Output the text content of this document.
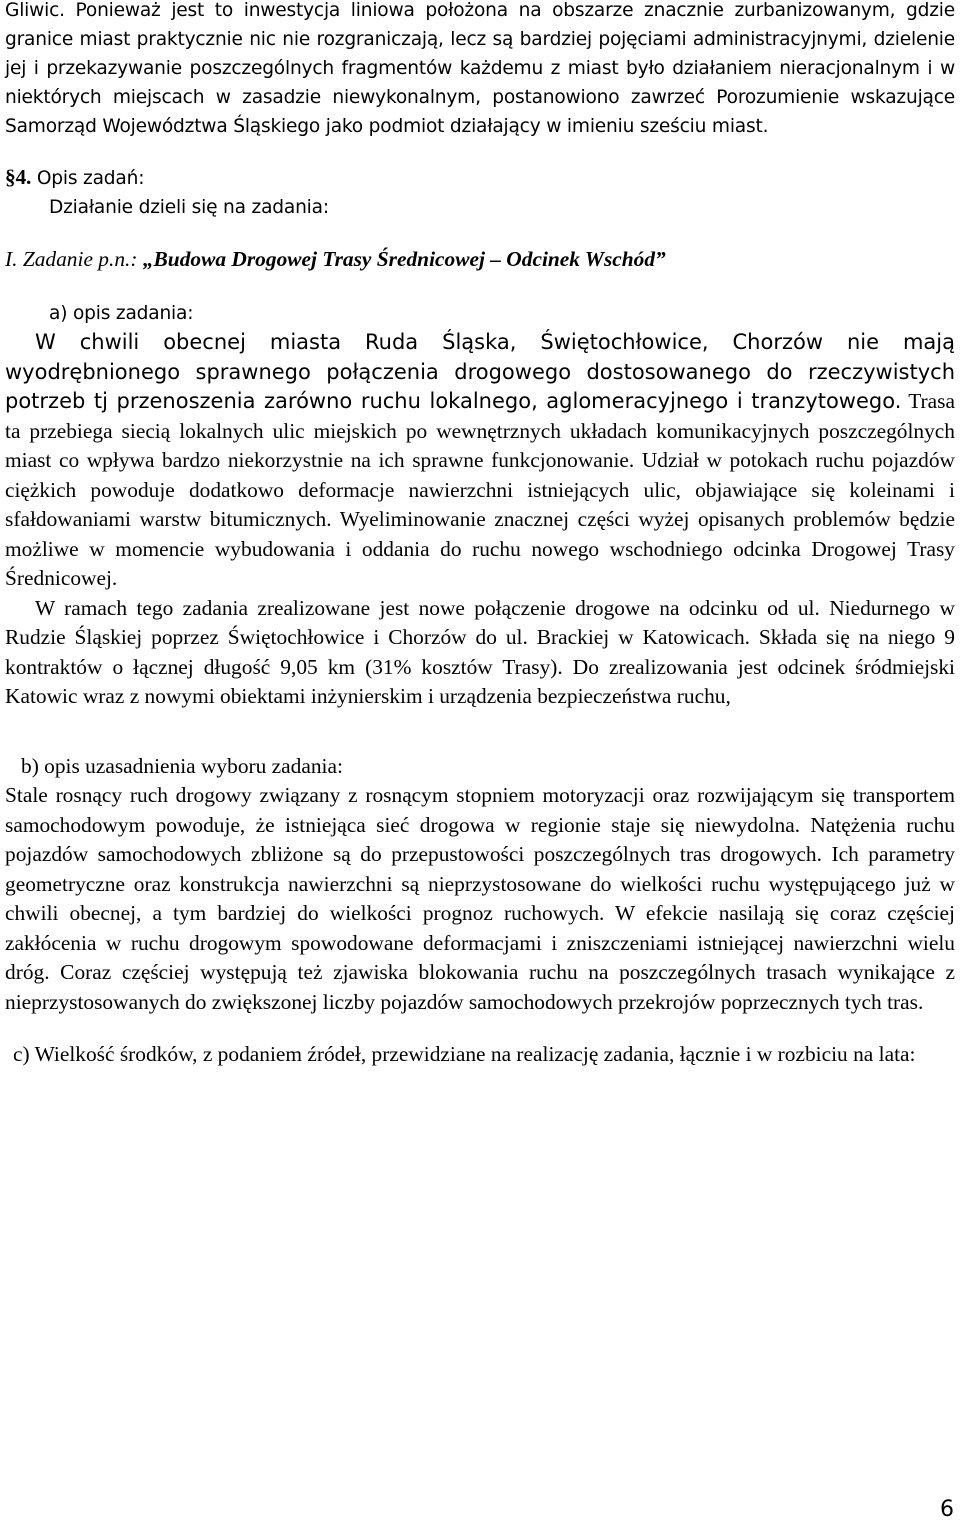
Gliwic. Ponieważ jest to inwestycja liniowa położona na obszarze znacznie zurbanizowanym, gdzie granice miast praktycznie nic nie rozgraniczają, lecz są bardziej pojęciami administracyjnymi, dzielenie jej i przekazywanie poszczególnych fragmentów każdemu z miast było działaniem nieracjonalnym i w niektórych miejscach w zasadzie niewykonalnym, postanowiono zawrzeć Porozumienie wskazujące Samorząd Województwa Śląskiego jako podmiot działający w imieniu sześciu miast.

§4. Opis zadań:

Działanie dzieli się na zadania:

I. Zadanie p.n.: „Budowa Drogowej Trasy Średnicowej – Odcinek Wschód”

a) opis zadania:

W chwili obecnej miasta Ruda Śląska, Świętochłowice, Chorzów nie mają wyodrębnionego sprawnego połączenia drogowego dostosowanego do rzeczywistych potrzeb tj przenoszenia zarówno ruchu lokalnego, aglomeracyjnego i tranzytowego. Trasa ta przebiega siecią lokalnych ulic miejskich po wewnętrznych układach komunikacyjnych poszczególnych miast co wpływa bardzo niekorzystnie na ich sprawne funkcjonowanie. Udział w potokach ruchu pojazdów ciężkich powoduje dodatkowo deformacje nawierzchni istniejących ulic, objawiające się koleinami i sfałdowaniami warstw bitumicznych. Wyeliminowanie znacznej części wyżej opisanych problemów będzie możliwe w momencie wybudowania i oddania do ruchu nowego wschodniego odcinka Drogowej Trasy Średnicowej.

W ramach tego zadania zrealizowane jest nowe połączenie drogowe na odcinku od ul. Niedurnego w Rudzie Śląskiej poprzez Świętochłowice i Chorzów do ul. Brackiej w Katowicach. Składa się na niego 9 kontraktów o łącznej długość 9,05 km (31% kosztów Trasy). Do zrealizowania jest odcinek śródmiejski Katowic wraz z nowymi obiektami inżynierskim i urządzenia bezpieczeństwa ruchu,

b) opis uzasadnienia wyboru zadania:

Stale rosnący ruch drogowy związany z rosnącym stopniem motoryzacji oraz rozwijającym się transportem samochodowym powoduje, że istniejąca sieć drogowa w regionie staje się niewydolna. Natężenia ruchu pojazdów samochodowych zbliżone są do przepustowości poszczególnych tras drogowych. Ich parametry geometryczne oraz konstrukcja nawierzchni są nieprzystosowane do wielkości ruchu występującego już w chwili obecnej, a tym bardziej do wielkości prognoz ruchowych. W efekcie nasilają się coraz częściej zakłócenia w ruchu drogowym spowodowane deformacjami i zniszczeniami istniejącej nawierzchni wielu dróg. Coraz częściej występują też zjawiska blokowania ruchu na poszczególnych trasach wynikające z nieprzystosowanych do zwiększonej liczby pojazdów samochodowych przekrojów poprzecznych tych tras.

c) Wielkość środków, z podaniem źródeł, przewidziane na realizację zadania, łącznie i w rozbiciu na lata:

6
